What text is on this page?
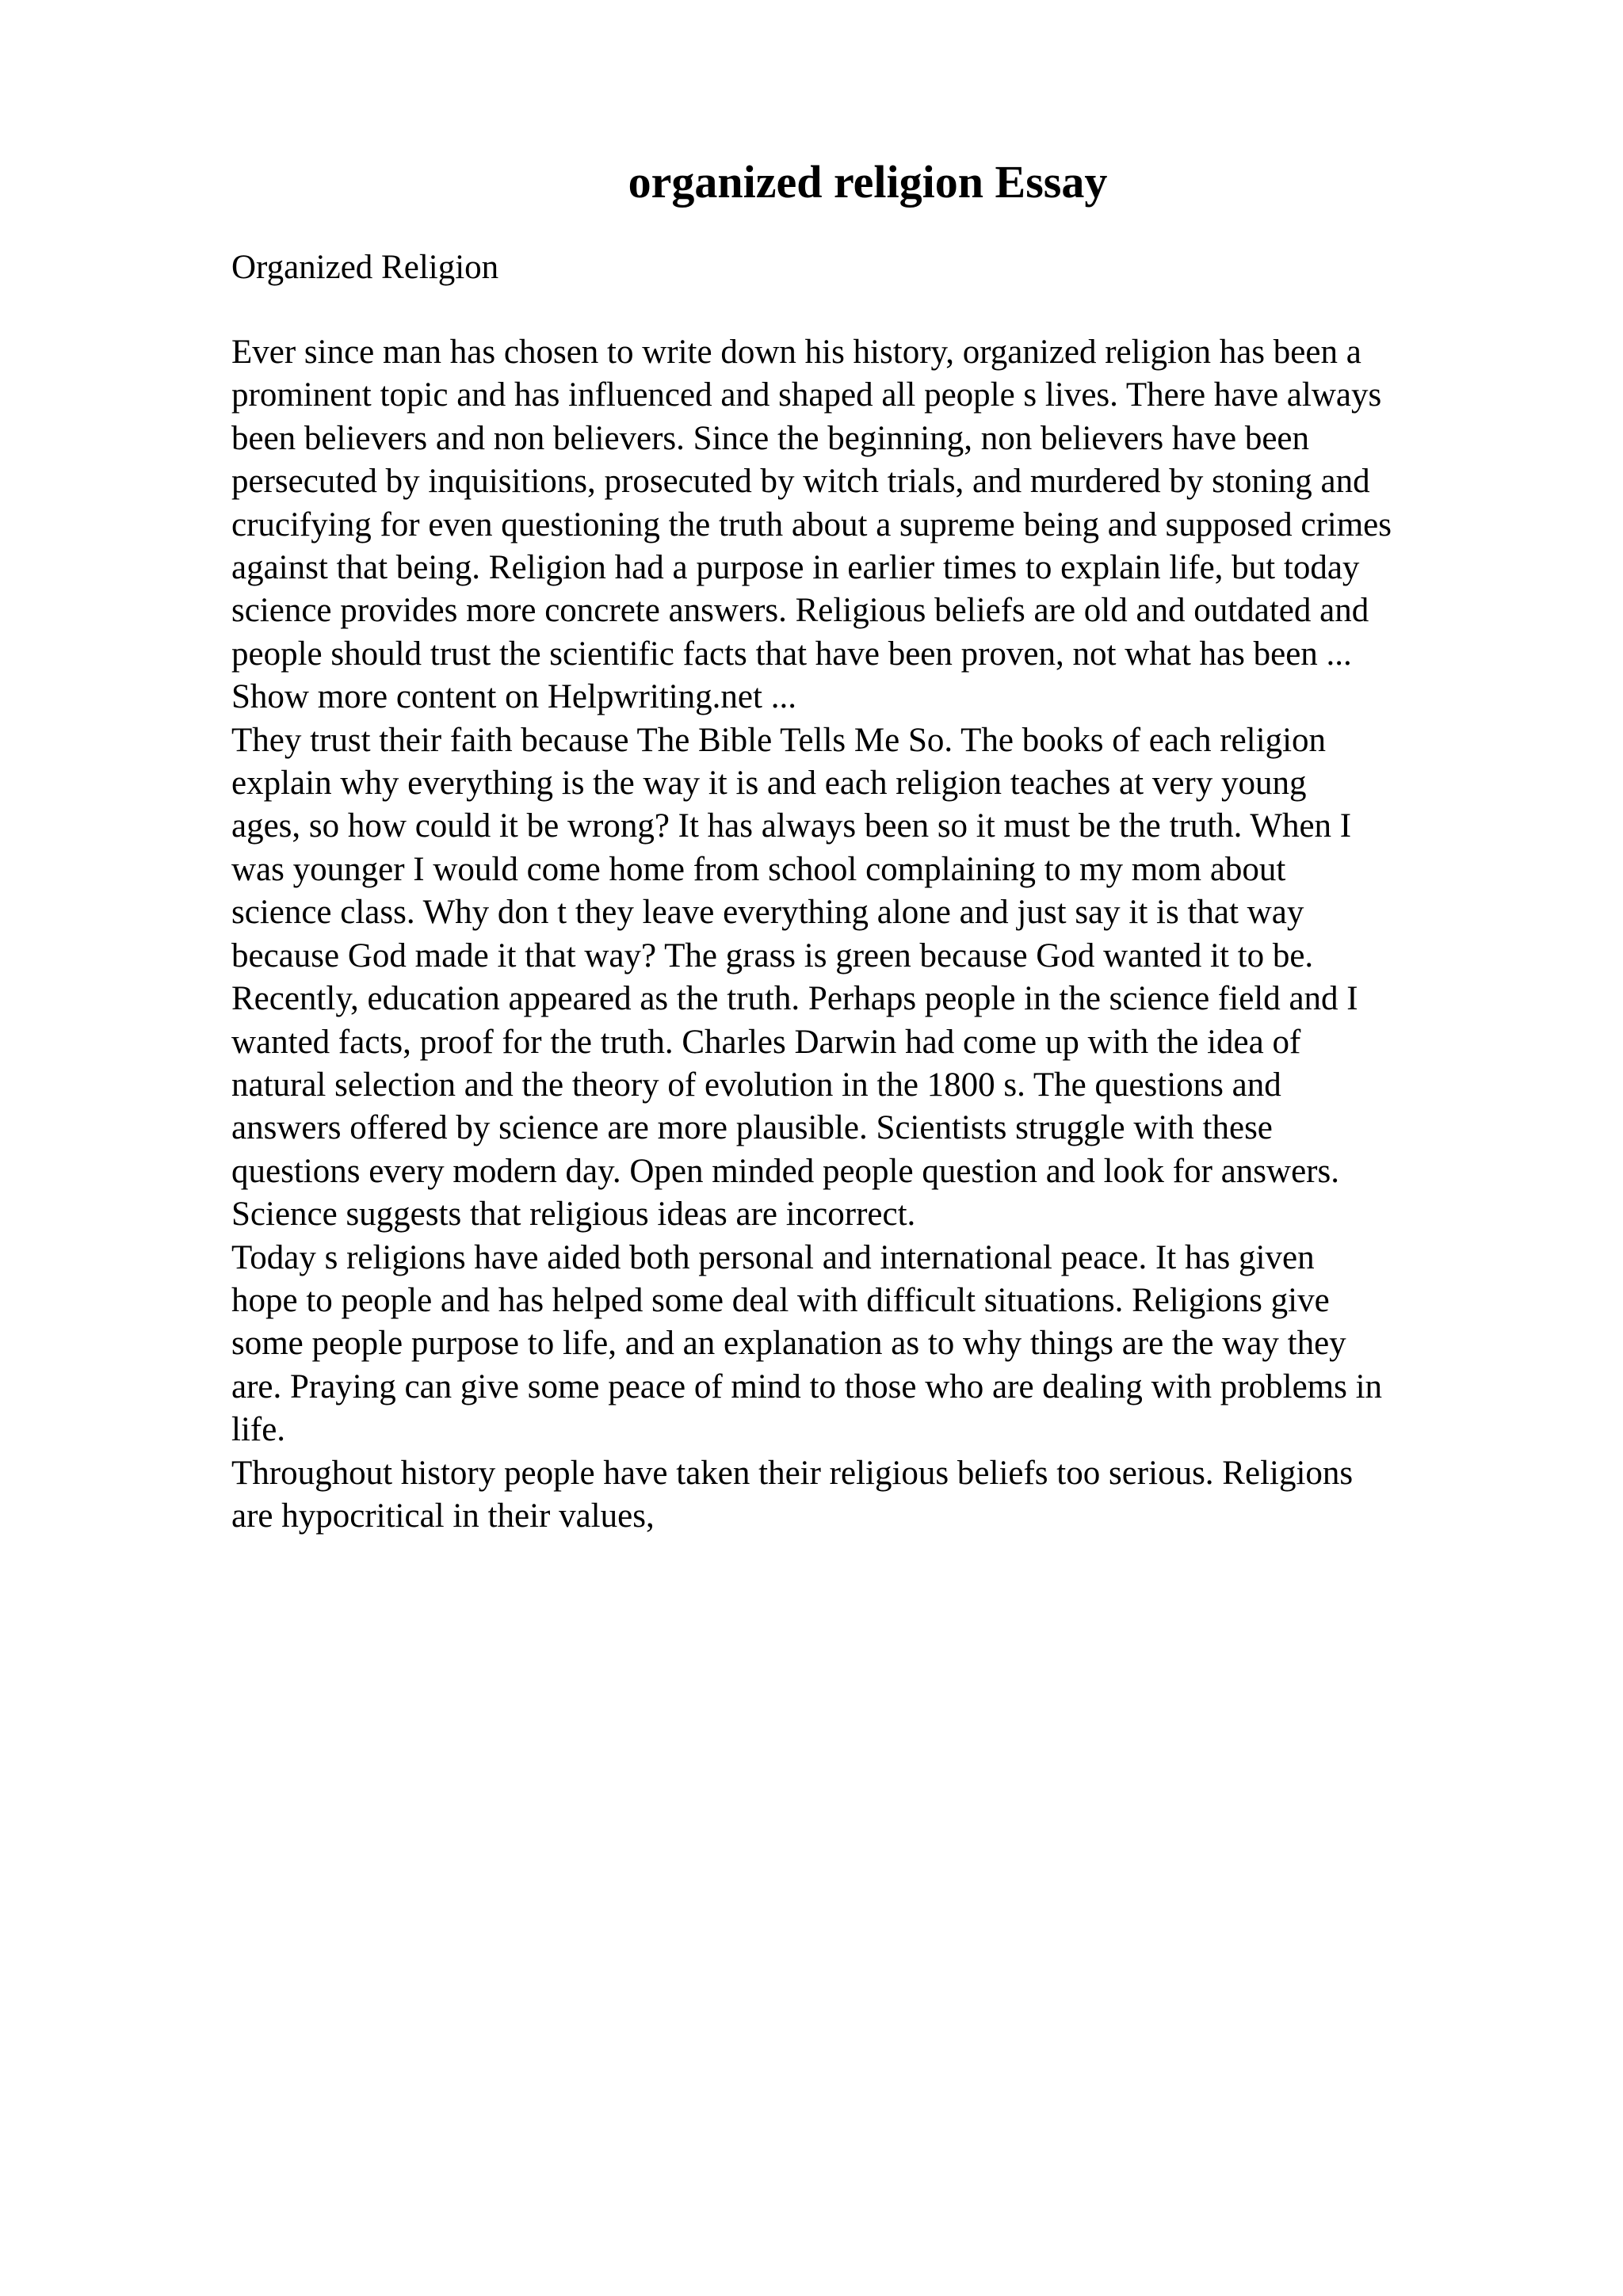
organized religion Essay
Organized Religion
Ever since man has chosen to write down his history, organized religion has been a
prominent topic and has influenced and shaped all people s lives. There have always
been believers and non believers. Since the beginning, non believers have been
persecuted by inquisitions, prosecuted by witch trials, and murdered by stoning and
crucifying for even questioning the truth about a supreme being and supposed crimes
against that being. Religion had a purpose in earlier times to explain life, but today
science provides more concrete answers. Religious beliefs are old and outdated and
people should trust the scientific facts that have been proven, not what has been ...
Show more content on Helpwriting.net ...
They trust their faith because The Bible Tells Me So. The books of each religion
explain why everything is the way it is and each religion teaches at very young
ages, so how could it be wrong? It has always been so it must be the truth. When I
was younger I would come home from school complaining to my mom about
science class. Why don t they leave everything alone and just say it is that way
because God made it that way? The grass is green because God wanted it to be.
Recently, education appeared as the truth. Perhaps people in the science field and I
wanted facts, proof for the truth. Charles Darwin had come up with the idea of
natural selection and the theory of evolution in the 1800 s. The questions and
answers offered by science are more plausible. Scientists struggle with these
questions every modern day. Open minded people question and look for answers.
Science suggests that religious ideas are incorrect.
Today s religions have aided both personal and international peace. It has given
hope to people and has helped some deal with difficult situations. Religions give
some people purpose to life, and an explanation as to why things are the way they
are. Praying can give some peace of mind to those who are dealing with problems in
life.
Throughout history people have taken their religious beliefs too serious. Religions
are hypocritical in their values,
